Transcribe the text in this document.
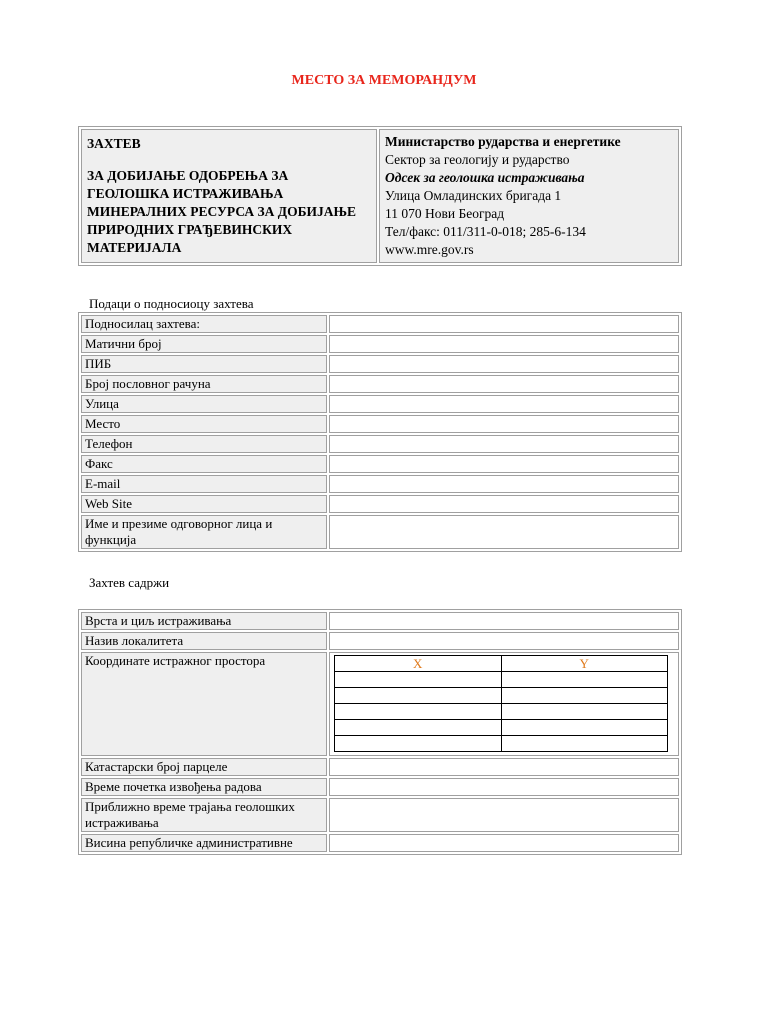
МЕСТО ЗА МЕМОРАНДУМ
ЗАХТЕВ
ЗА ДОБИЈАЊЕ ОДОБРЕЊА ЗА ГЕОЛОШКА ИСТРАЖИВАЊА МИНЕРАЛНИХ РЕСУРСА ЗА ДОБИЈАЊЕ ПРИРОДНИХ ГРАЂЕВИНСКИХ МАТЕРИЈАЛА

Министарство рударства и енергетике
Сектор за геологију и рударство
Одсек за геолошка истраживања
Улица Омладинских бригада 1
11 070 Нови Београд
Тел/факс: 011/311-0-018; 285-6-134
www.mre.gov.rs
Подаци о подносиоцу захтева
Подносилац захтева:	
Матични број	
ПИБ	
Број пословног рачуна	
Улица	
Место	
Телефон	
Факс	
E-mail	
Web Site	
Име и презиме одговорног лица и функција	
Захтев садржи
Врста и циљ истраживања	
Назив локалитета	
Координате истражног простора		X	Y

Катастарски број парцеле	
Време почетка извођења радова	
Приближно време трајања геолошких истраживања	
Висина републичке административне	
